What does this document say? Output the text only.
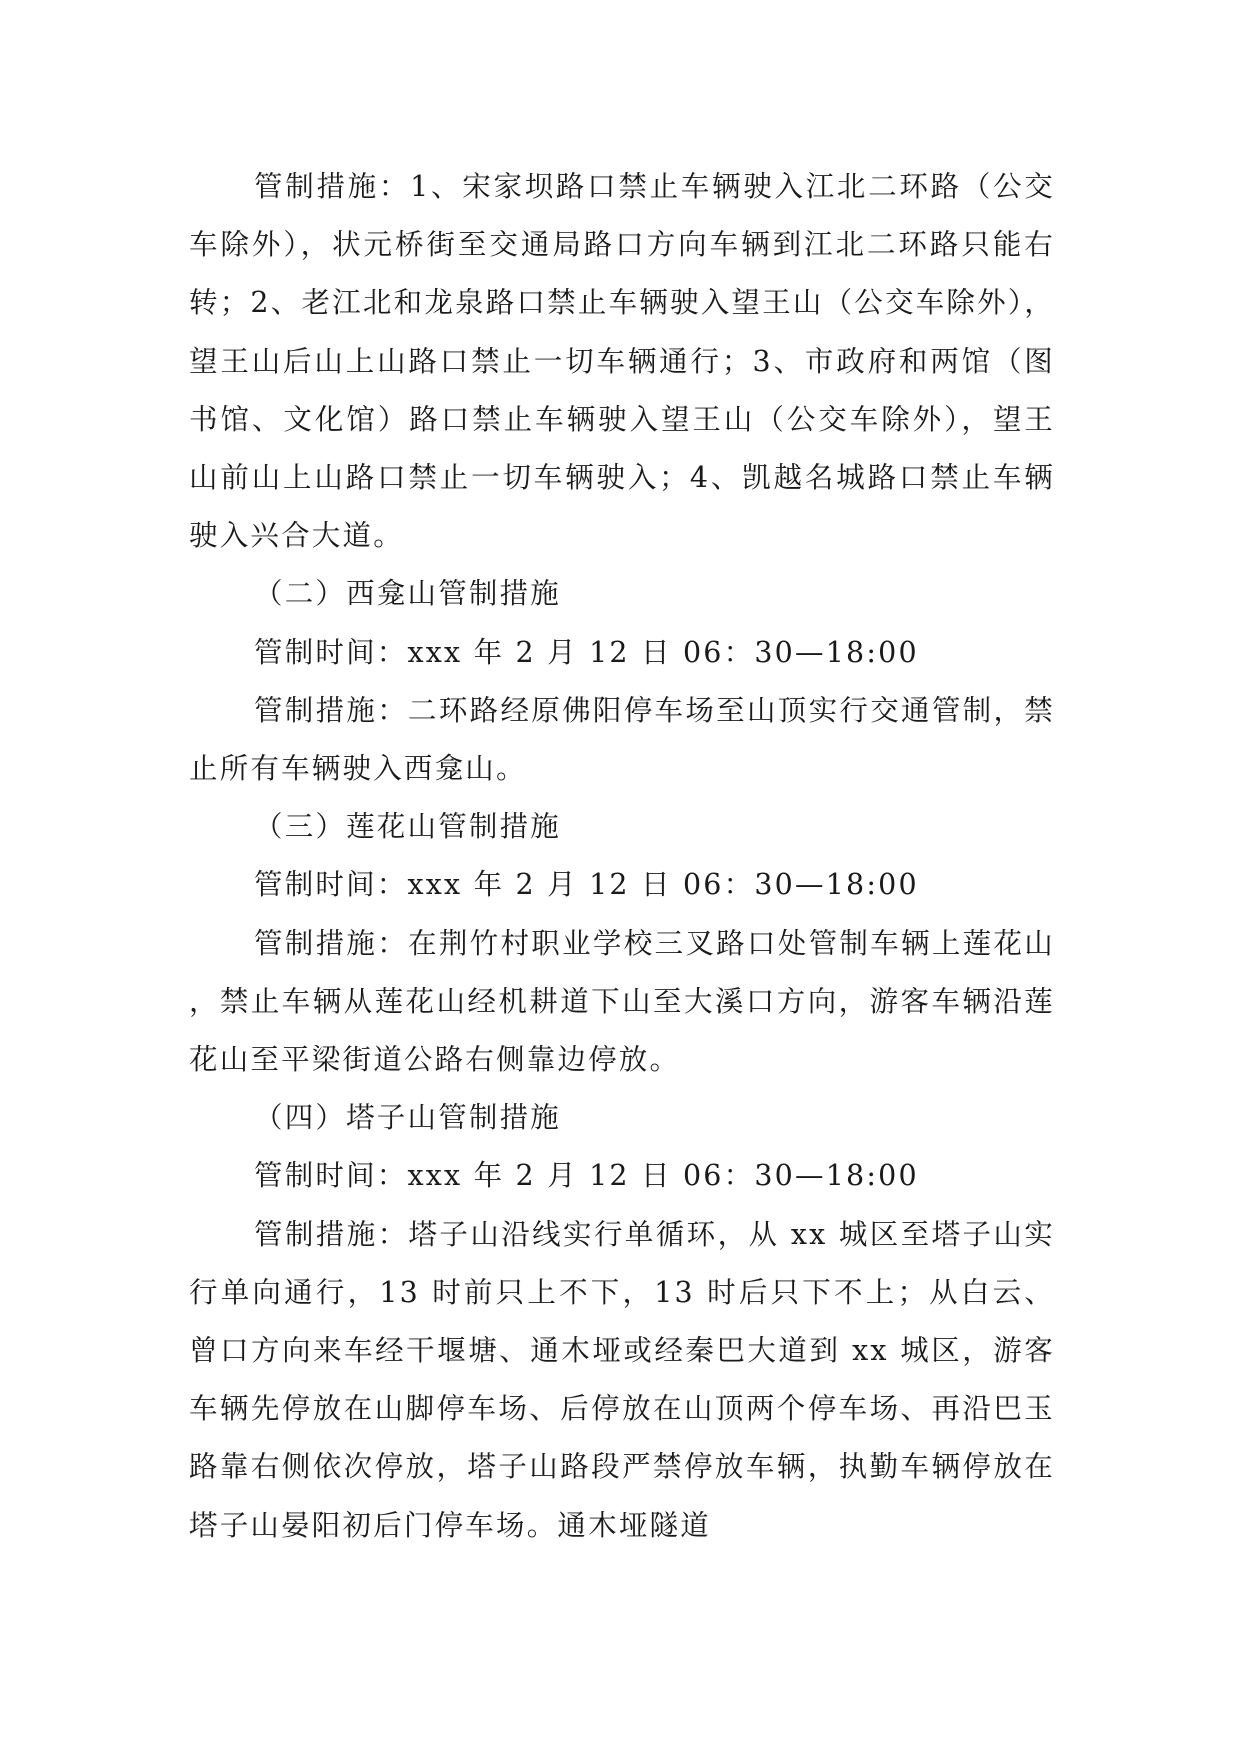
管制措施：1、宋家坝路口禁止车辆驶入江北二环路（公交车除外），状元桥街至交通局路口方向车辆到江北二环路只能右转；2、老江北和龙泉路口禁止车辆驶入望王山（公交车除外），望王山后山上山路口禁止一切车辆通行；3、市政府和两馆（图书馆、文化馆）路口禁止车辆驶入望王山（公交车除外），望王山前山上山路口禁止一切车辆驶入；4、凯越名城路口禁止车辆驶入兴合大道。

（二）西龛山管制措施

管制时间：xxx 年 2 月 12 日 06：30—18:00

管制措施：二环路经原佛阳停车场至山顶实行交通管制，禁止所有车辆驶入西龛山。

（三）莲花山管制措施

管制时间：xxx 年 2 月 12 日 06：30—18:00

管制措施：在荆竹村职业学校三叉路口处管制车辆上莲花山，禁止车辆从莲花山经机耕道下山至大溪口方向，游客车辆沿莲花山至平梁街道公路右侧靠边停放。

（四）塔子山管制措施

管制时间：xxx 年 2 月 12 日 06：30—18:00

管制措施：塔子山沿线实行单循环，从 xx 城区至塔子山实行单向通行，13 时前只上不下，13 时后只下不上；从白云、曾口方向来车经干堰塘、通木垭或经秦巴大道到 xx 城区，游客车辆先停放在山脚停车场、后停放在山顶两个停车场、再沿巴玉路靠右侧依次停放，塔子山路段严禁停放车辆，执勤车辆停放在塔子山晏阳初后门停车场。通木垭隧道
